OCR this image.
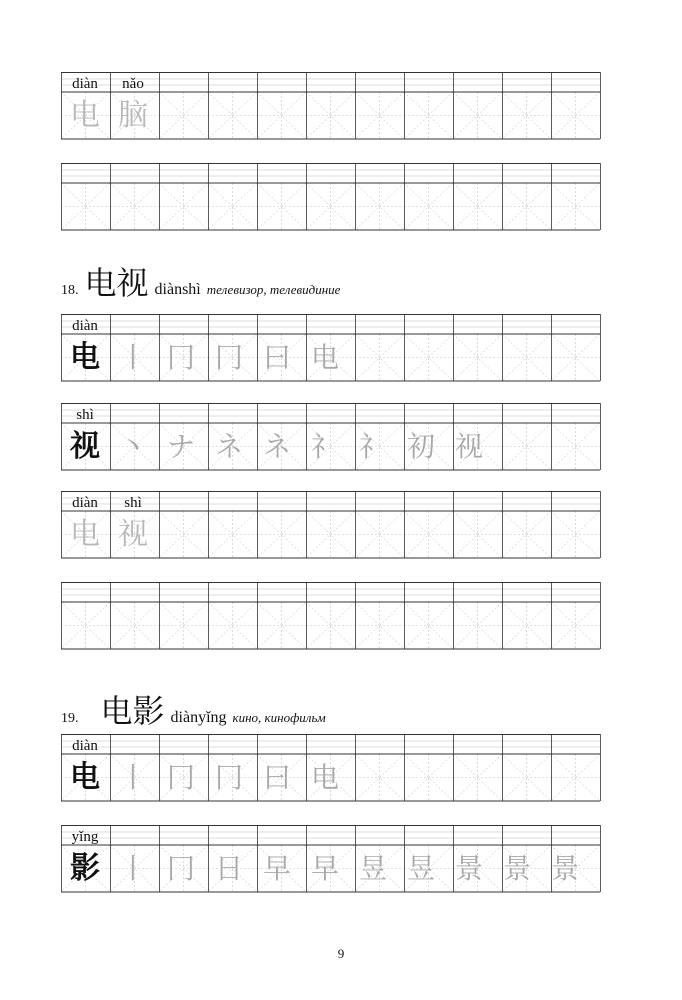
diàn	nǎo
电 脑
18. 电视 diànshì телевизор, телевидиние
diàn
电 丨 冂 冂 曰 电
shì
视 丶 ナ ネ ネ 礻 礻 初 视
diàn	shì
电 视
19. 电影 diànyǐng кино, кинофильм
diàn
电 丨 冂 冂 曰 电
yǐng
影 丨 冂 日 早 早 昱 昱 景 景 景
9
